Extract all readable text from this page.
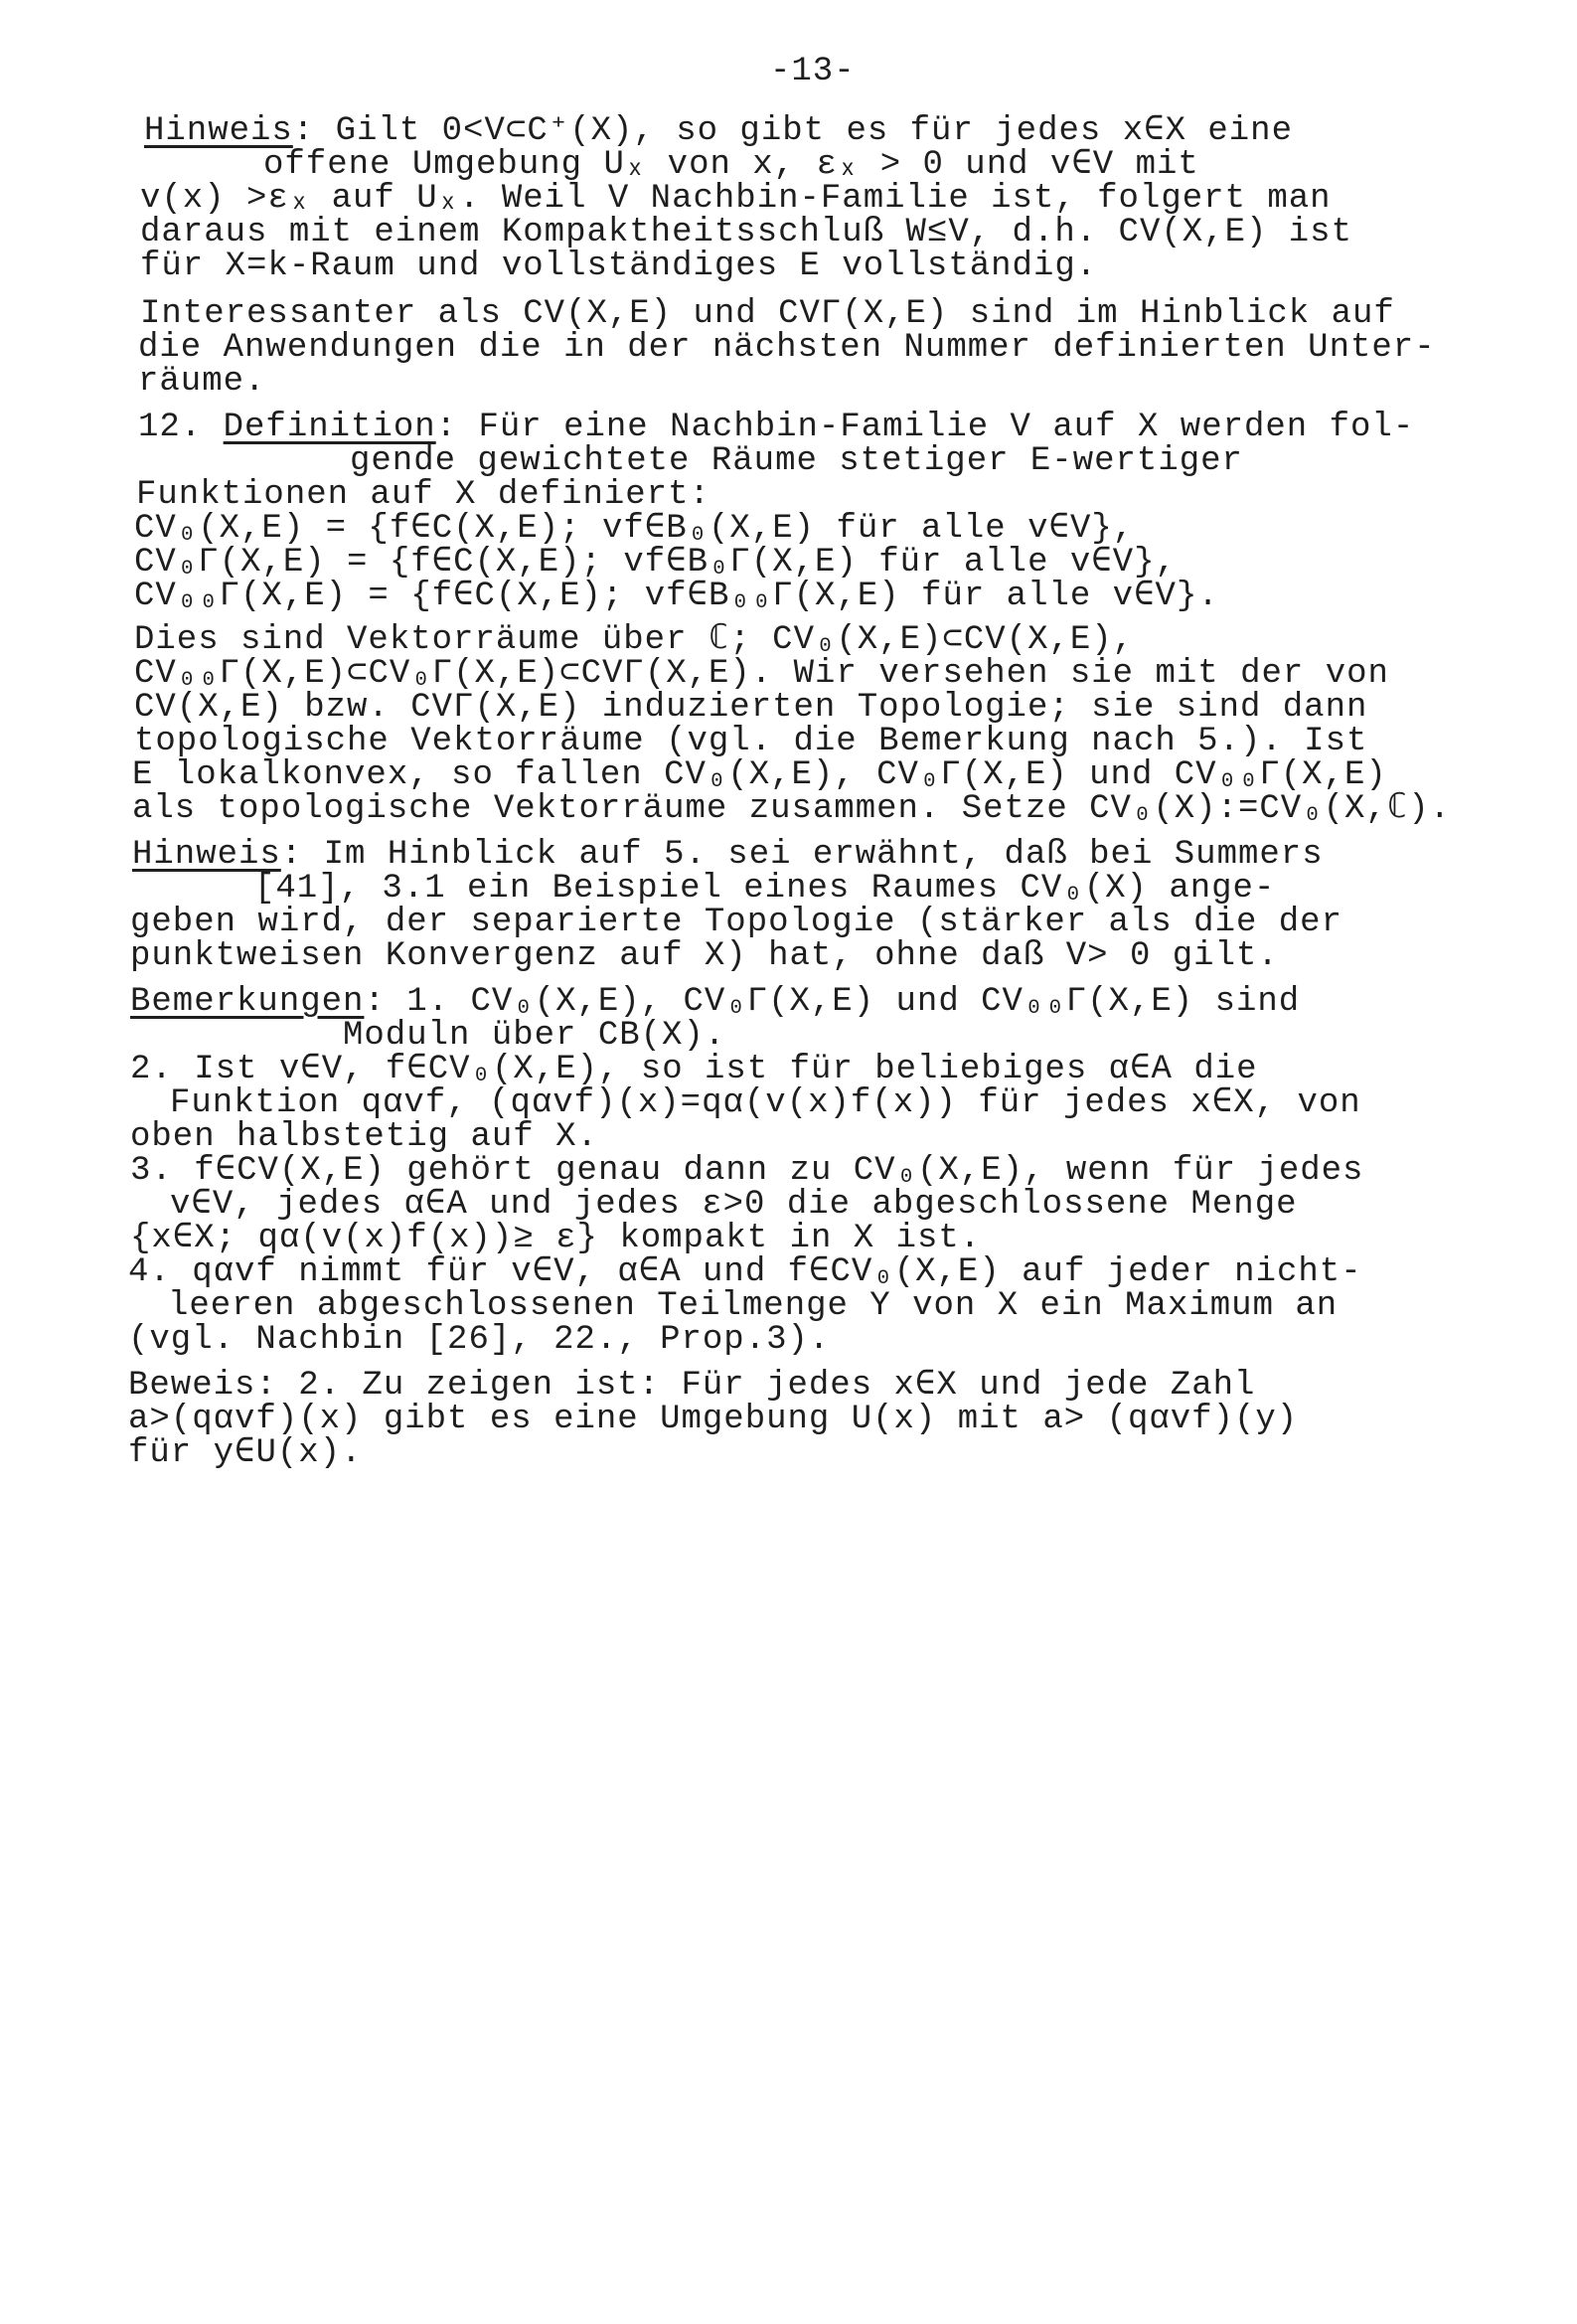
-13-
Hinweis: Gilt 0<V⊂C⁺(X), so gibt es für jedes x∈X eine
offene Umgebung Uₓ von x, εₓ > 0 und v∈V mit
v(x) >εₓ auf Uₓ. Weil V Nachbin-Familie ist, folgert man
daraus mit einem Kompaktheitsschluß W≤V, d.h. CV(X,E) ist
für X=k-Raum und vollständiges E vollständig.
Interessanter als CV(X,E) und CVΓ(X,E) sind im Hinblick auf
die Anwendungen die in der nächsten Nummer definierten Unter-
räume.
12. Definition: Für eine Nachbin-Familie V auf X werden fol-
gende gewichtete Räume stetiger E-wertiger
Funktionen auf X definiert:
CV₀(X,E) = {f∈C(X,E); vf∈B₀(X,E) für alle v∈V},
CV₀Γ(X,E) = {f∈C(X,E); vf∈B₀Γ(X,E) für alle v∈V},
CV₀₀Γ(X,E) = {f∈C(X,E); vf∈B₀₀Γ(X,E) für alle v∈V}.
Dies sind Vektorräume über ℂ; CV₀(X,E)⊂CV(X,E),
CV₀₀Γ(X,E)⊂CV₀Γ(X,E)⊂CVΓ(X,E). Wir versehen sie mit der von
CV(X,E) bzw. CVΓ(X,E) induzierten Topologie; sie sind dann
topologische Vektorräume (vgl. die Bemerkung nach 5.). Ist
E lokalkonvex, so fallen CV₀(X,E), CV₀Γ(X,E) und CV₀₀Γ(X,E)
als topologische Vektorräume zusammen. Setze CV₀(X):=CV₀(X,ℂ).
Hinweis: Im Hinblick auf 5. sei erwähnt, daß bei Summers
[41], 3.1 ein Beispiel eines Raumes CV₀(X) ange-
geben wird, der separierte Topologie (stärker als die der
punktweisen Konvergenz auf X) hat, ohne daß V> 0 gilt.
Bemerkungen: 1. CV₀(X,E), CV₀Γ(X,E) und CV₀₀Γ(X,E) sind
Moduln über CB(X).
2. Ist v∈V, f∈CV₀(X,E), so ist für beliebiges α∈A die
Funktion qαvf, (qαvf)(x)=qα(v(x)f(x)) für jedes x∈X, von
oben halbstetig auf X.
3. f∈CV(X,E) gehört genau dann zu CV₀(X,E), wenn für jedes
v∈V, jedes α∈A und jedes ε>0 die abgeschlossene Menge
{x∈X; qα(v(x)f(x))≥ ε} kompakt in X ist.
4. qαvf nimmt für v∈V, α∈A und f∈CV₀(X,E) auf jeder nicht-
leeren abgeschlossenen Teilmenge Y von X ein Maximum an
(vgl. Nachbin [26], 22., Prop.3).
Beweis: 2. Zu zeigen ist: Für jedes x∈X und jede Zahl
a>(qαvf)(x) gibt es eine Umgebung U(x) mit a> (qαvf)(y)
für y∈U(x).
